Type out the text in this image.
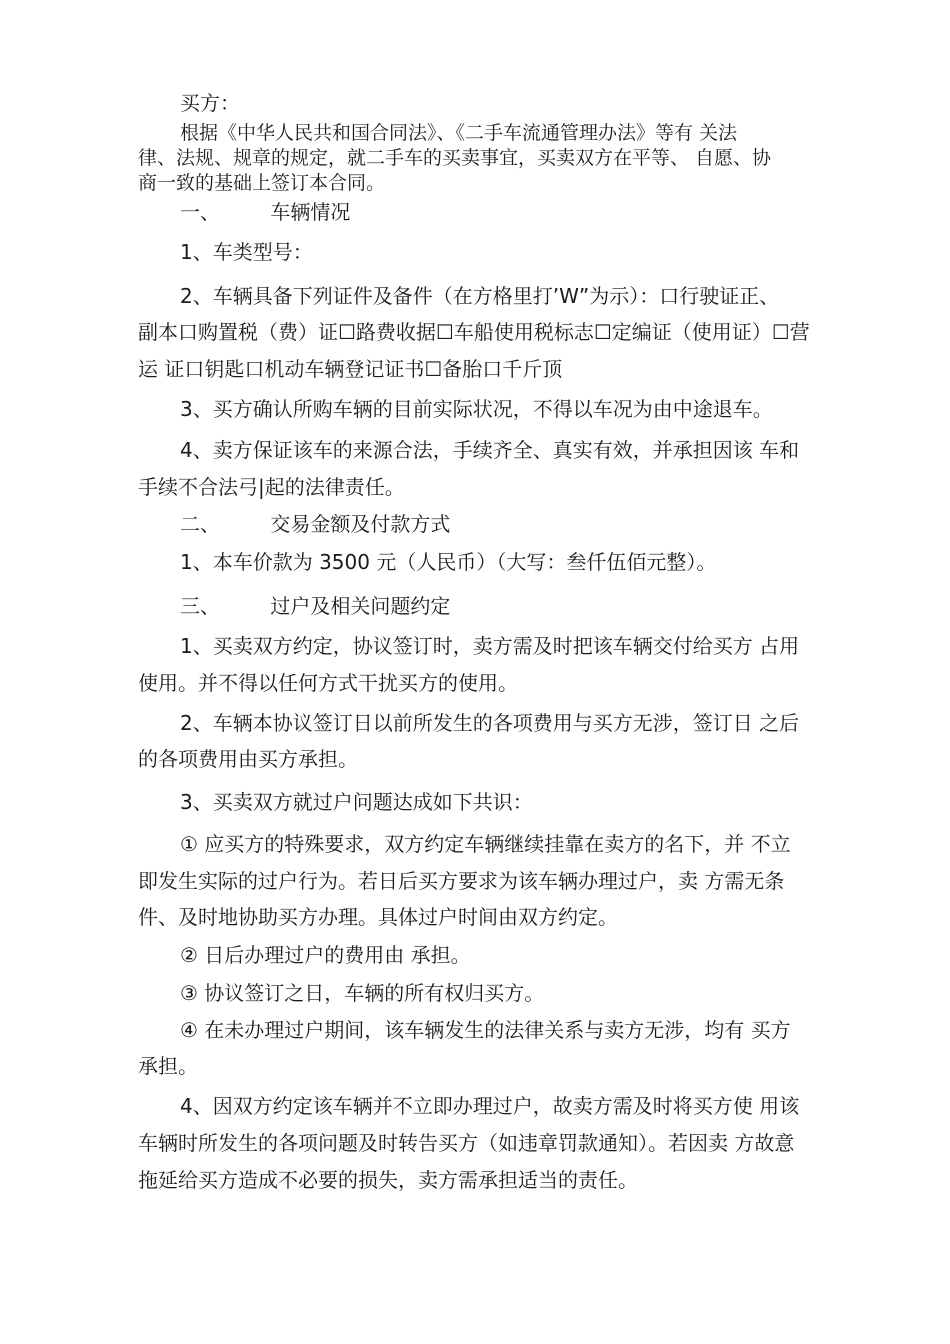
买方：

根据《中华人民共和国合同法》、《二手车流通管理办法》等有 关法

律、法规、规章的规定，就二手车的买卖事宜，买卖双方在平等、 自愿、协

商一致的基础上签订本合同。

一、 车辆情况

1、车类型号：

2、车辆具备下列证件及备件（在方格里打’W”为示）：口行驶证正、

副本口购置税（费）证☐路费收据☐车船使用税标志☐定编证（使用证）☐营

运 证口钥匙口机动车辆登记证书☐备胎口千斤顶

3、买方确认所购车辆的目前实际状况，不得以车况为由中途退车。

4、卖方保证该车的来源合法，手续齐全、真实有效，并承担因该 车和

手续不合法弓|起的法律责任。

二、 交易金额及付款方式

1、本车价款为 3500 元（人民币）（大写：叁仟伍佰元整）。

三、 过户及相关问题约定

1、买卖双方约定，协议签订时，卖方需及时把该车辆交付给买方 占用

使用。并不得以任何方式干扰买方的使用。

2、车辆本协议签订日以前所发生的各项费用与买方无涉，签订日 之后

的各项费用由买方承担。

3、买卖双方就过户问题达成如下共识：

① 应买方的特殊要求，双方约定车辆继续挂靠在卖方的名下，并 不立

即发生实际的过户行为。若日后买方要求为该车辆办理过户，卖 方需无条

件、及时地协助买方办理。具体过户时间由双方约定。

② 日后办理过户的费用由 承担。

③ 协议签订之日，车辆的所有权归买方。

④ 在未办理过户期间，该车辆发生的法律关系与卖方无涉，均有 买方

承担。

4、因双方约定该车辆并不立即办理过户，故卖方需及时将买方使 用该

车辆时所发生的各项问题及时转告买方（如违章罚款通知）。若因卖 方故意

拖延给买方造成不必要的损失，卖方需承担适当的责任。
